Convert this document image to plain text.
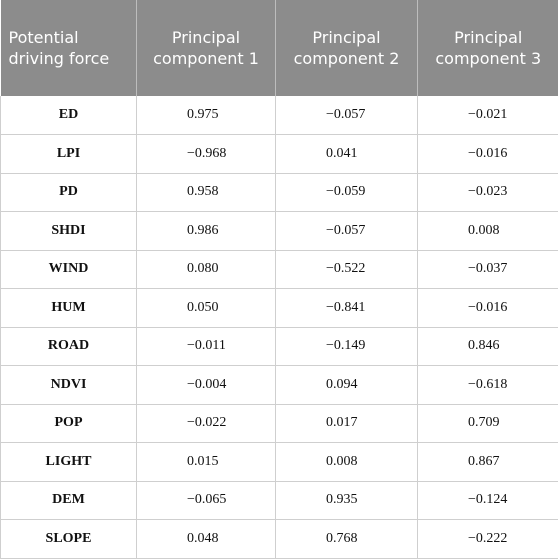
Potential driving force	Principal component 1	Principal component 2	Principal component 3
ED	0.975	−0.057	−0.021
LPI	−0.968	0.041	−0.016
PD	0.958	−0.059	−0.023
SHDI	0.986	−0.057	0.008
WIND	0.080	−0.522	−0.037
HUM	0.050	−0.841	−0.016
ROAD	−0.011	−0.149	0.846
NDVI	−0.004	0.094	−0.618
POP	−0.022	0.017	0.709
LIGHT	0.015	0.008	0.867
DEM	−0.065	0.935	−0.124
SLOPE	0.048	0.768	−0.222
